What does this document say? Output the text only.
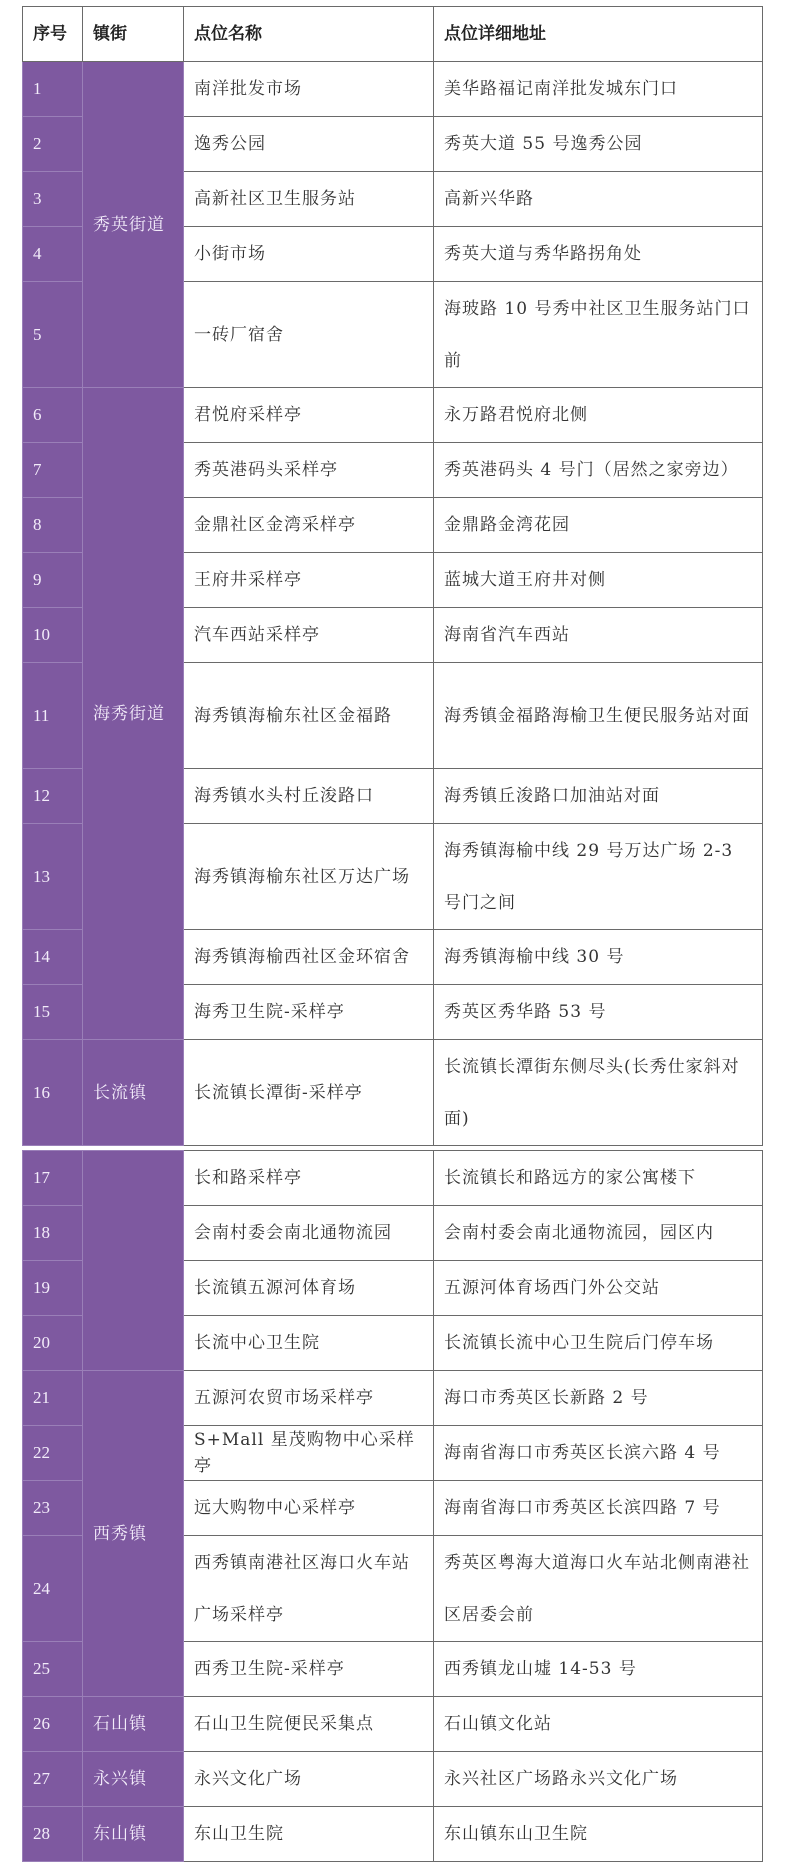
序号	镇街	点位名称	点位详细地址
1	秀英街道	南洋批发市场	美华路福记南洋批发城东门口
2		逸秀公园	秀英大道 55 号逸秀公园
3		高新社区卫生服务站	高新兴华路
4		小街市场	秀英大道与秀华路拐角处
5		一砖厂宿舍	海玻路 10 号秀中社区卫生服务站门口前
6	海秀街道	君悦府采样亭	永万路君悦府北侧
7		秀英港码头采样亭	秀英港码头 4 号门（居然之家旁边）
8		金鼎社区金湾采样亭	金鼎路金湾花园
9		王府井采样亭	蓝城大道王府井对侧
10		汽车西站采样亭	海南省汽车西站
11		海秀镇海榆东社区金福路	海秀镇金福路海榆卫生便民服务站对面
12		海秀镇水头村丘浚路口	海秀镇丘浚路口加油站对面
13		海秀镇海榆东社区万达广场	海秀镇海榆中线 29 号万达广场 2-3 号门之间
14		海秀镇海榆西社区金环宿舍	海秀镇海榆中线 30 号
15		海秀卫生院-采样亭	秀英区秀华路 53 号
16	长流镇	长流镇长潭街-采样亭	长流镇长潭街东侧尽头(长秀仕家斜对面)
17		长和路采样亭	长流镇长和路远方的家公寓楼下
18		会南村委会南北通物流园	会南村委会南北通物流园，园区内
19		长流镇五源河体育场	五源河体育场西门外公交站
20		长流中心卫生院	长流镇长流中心卫生院后门停车场
21	西秀镇	五源河农贸市场采样亭	海口市秀英区长新路 2 号
22		S+Mall 星茂购物中心采样亭	海南省海口市秀英区长滨六路 4 号
23		远大购物中心采样亭	海南省海口市秀英区长滨四路 7 号
24		西秀镇南港社区海口火车站广场采样亭	秀英区粤海大道海口火车站北侧南港社区居委会前
25		西秀卫生院-采样亭	西秀镇龙山墟 14-53 号
26	石山镇	石山卫生院便民采集点	石山镇文化站
27	永兴镇	永兴文化广场	永兴社区广场路永兴文化广场
28	东山镇	东山卫生院	东山镇东山卫生院
